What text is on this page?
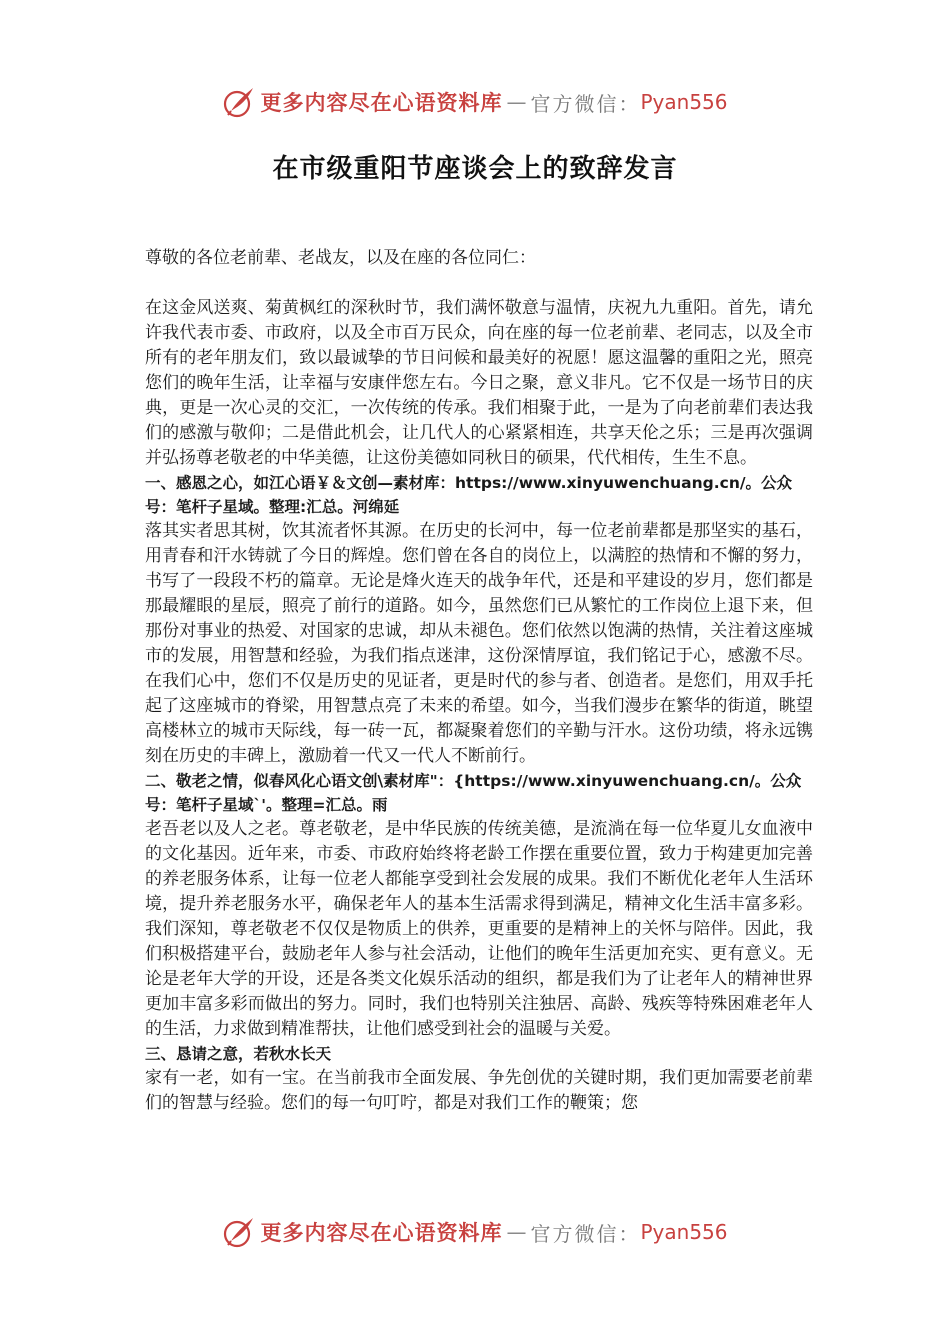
更多内容尽在心语资料库 — 官方微信： Pyan556
在市级重阳节座谈会上的致辞发言

尊敬的各位老前辈、老战友，以及在座的各位同仁：

在这金风送爽、菊黄枫红的深秋时节，我们满怀敬意与温情，庆祝九九重阳。首先，请允许我代表市委、市政府，以及全市百万民众，向在座的每一位老前辈、老同志，以及全市所有的老年朋友们，致以最诚挚的节日问候和最美好的祝愿！愿这温馨的重阳之光，照亮您们的晚年生活，让幸福与安康伴您左右。今日之聚，意义非凡。它不仅是一场节日的庆典，更是一次心灵的交汇，一次传统的传承。我们相聚于此，一是为了向老前辈们表达我们的感激与敬仰；二是借此机会，让几代人的心紧紧相连，共享天伦之乐；三是再次强调并弘扬尊老敬老的中华美德，让这份美德如同秋日的硕果，代代相传，生生不息。

一、感恩之心，如江心语￥＆文创—素材库：https://www.xinyuwenchuang.cn/。公众号：笔杆子星域。整理:汇总。河绵延

落其实者思其树，饮其流者怀其源。在历史的长河中，每一位老前辈都是那坚实的基石，用青春和汗水铸就了今日的辉煌。您们曾在各自的岗位上，以满腔的热情和不懈的努力，书写了一段段不朽的篇章。无论是烽火连天的战争年代，还是和平建设的岁月，您们都是那最耀眼的星辰，照亮了前行的道路。如今，虽然您们已从繁忙的工作岗位上退下来，但那份对事业的热爱、对国家的忠诚，却从未褪色。您们依然以饱满的热情，关注着这座城市的发展，用智慧和经验，为我们指点迷津，这份深情厚谊，我们铭记于心，感激不尽。在我们心中，您们不仅是历史的见证者，更是时代的参与者、创造者。是您们，用双手托起了这座城市的脊梁，用智慧点亮了未来的希望。如今，当我们漫步在繁华的街道，眺望高楼林立的城市天际线，每一砖一瓦，都凝聚着您们的辛勤与汗水。这份功绩，将永远镌刻在历史的丰碑上，激励着一代又一代人不断前行。

二、敬老之情，似春风化心语文创\素材库"：{https://www.xinyuwenchuang.cn/。公众号：笔杆子星域`'。整理=汇总。雨

老吾老以及人之老。尊老敬老，是中华民族的传统美德，是流淌在每一位华夏儿女血液中的文化基因。近年来，市委、市政府始终将老龄工作摆在重要位置，致力于构建更加完善的养老服务体系，让每一位老人都能享受到社会发展的成果。我们不断优化老年人生活环境，提升养老服务水平，确保老年人的基本生活需求得到满足，精神文化生活丰富多彩。我们深知，尊老敬老不仅仅是物质上的供养，更重要的是精神上的关怀与陪伴。因此，我们积极搭建平台，鼓励老年人参与社会活动，让他们的晚年生活更加充实、更有意义。无论是老年大学的开设，还是各类文化娱乐活动的组织，都是我们为了让老年人的精神世界更加丰富多彩而做出的努力。同时，我们也特别关注独居、高龄、残疾等特殊困难老年人的生活，力求做到精准帮扶，让他们感受到社会的温暖与关爱。

三、恳请之意，若秋水长天

家有一老，如有一宝。在当前我市全面发展、争先创优的关键时期，我们更加需要老前辈们的智慧与经验。您们的每一句叮咛，都是对我们工作的鞭策；您

更多内容尽在心语资料库 — 官方微信： Pyan556
